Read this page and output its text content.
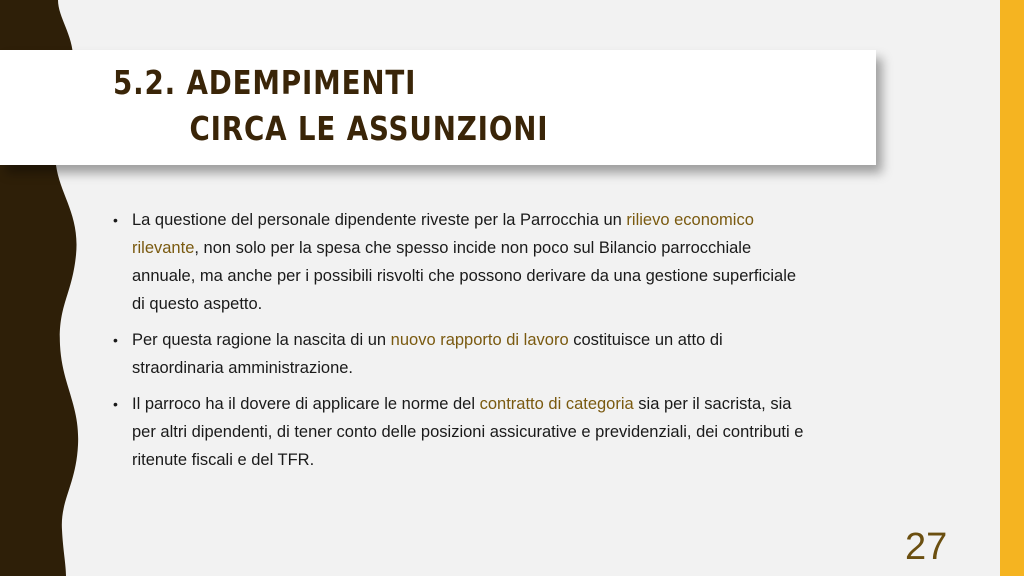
5.2. ADEMPIMENTI
CIRCA LE ASSUNZIONI
• La questione del personale dipendente riveste per la Parrocchia un rilievo economico rilevante, non solo per la spesa che spesso incide non poco sul Bilancio parrocchiale annuale, ma anche per i possibili risvolti che possono derivare da una gestione superficiale di questo aspetto.
• Per questa ragione la nascita di un nuovo rapporto di lavoro costituisce un atto di straordinaria amministrazione.
• Il parroco ha il dovere di applicare le norme del contratto di categoria sia per il sacrista, sia per altri dipendenti, di tener conto delle posizioni assicurative e previdenziali, dei contributi e ritenute fiscali e del TFR.
27
